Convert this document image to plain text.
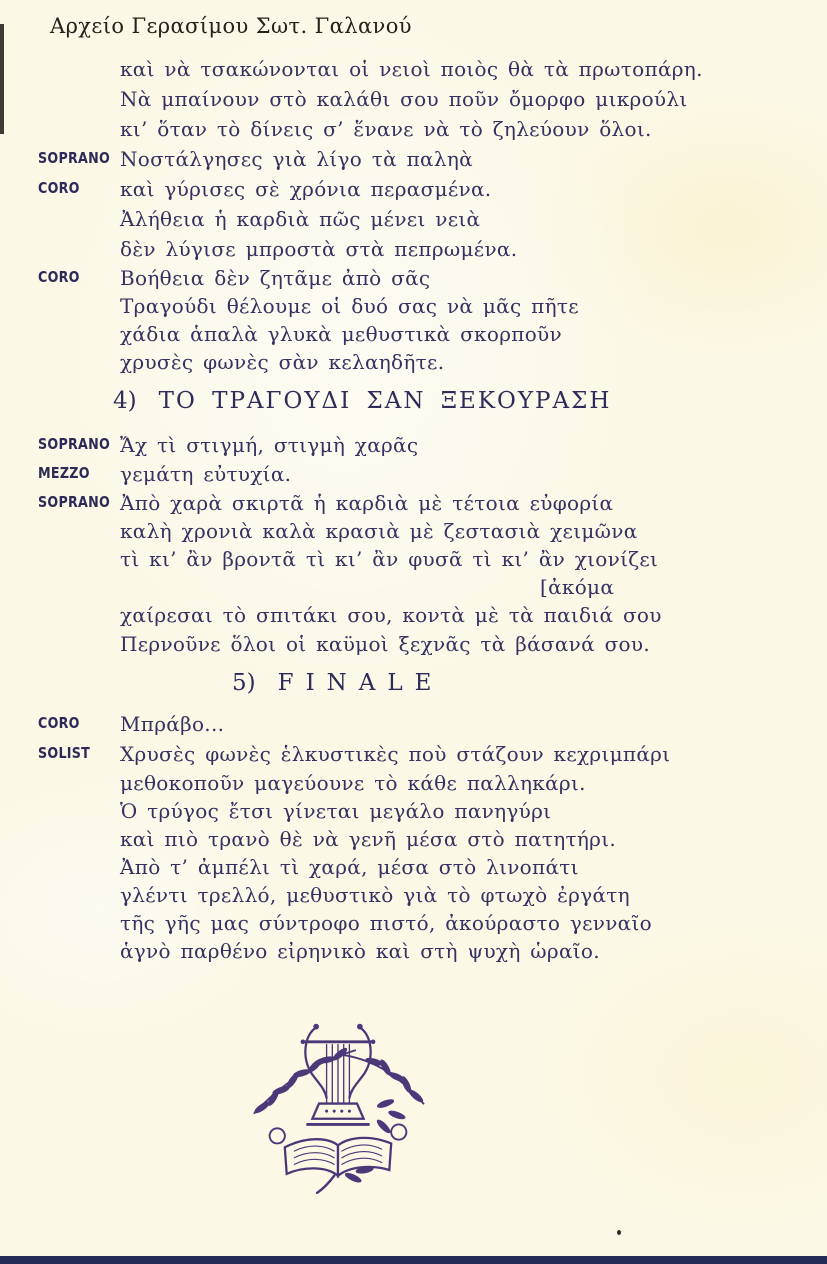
Αρχείο Γερασίμου Σωτ. Γαλανού
καὶ νὰ τσακώνονται οἱ νειοὶ ποιὸς θὰ τὰ πρωτοπάρη.
Νὰ μπαίνουν στὸ καλάθι σου ποῦν ὄμορφο μικρούλι
κι’ ὅταν τὸ δίνεις σ’ ἕνανε νὰ τὸ ζηλεύουν ὅλοι.
SOPRANO Νοστάλγησες γιὰ λίγο τὰ παληὰ
CORO καὶ γύρισες σὲ χρόνια περασμένα.
Ἀλήθεια ἡ καρδιὰ πῶς μένει νειὰ
δὲν λύγισε μπροστὰ στὰ πεπρωμένα.
CORO Βοήθεια δὲν ζητᾶμε ἀπὸ σᾶς
Τραγούδι θέλουμε οἱ δυό σας νὰ μᾶς πῆτε
χάδια ἁπαλὰ γλυκὰ μεθυστικὰ σκορποῦν
χρυσὲς φωνὲς σὰν κελαηδῆτε.
4) ΤΟ ΤΡΑΓΟΥΔΙ ΣΑΝ ΞΕΚΟΥΡΑΣΗ
SOPRANO Ἄχ τὶ στιγμή, στιγμὴ χαρᾶς
MEZZO γεμάτη εὐτυχία.
SOPRANO Ἀπὸ χαρὰ σκιρτᾶ ἡ καρδιὰ μὲ τέτοια εὐφορία
καλὴ χρονιὰ καλὰ κρασιὰ μὲ ζεστασιὰ χειμῶνα
τὶ κι’ ἂν βροντᾶ τὶ κι’ ἂν φυσᾶ τὶ κι’ ἂν χιονίζει
[ἀκόμα
χαίρεσαι τὸ σπιτάκι σου, κοντὰ μὲ τὰ παιδιά σου
Περνοῦνε ὅλοι οἱ καϋμοὶ ξεχνᾶς τὰ βάσανά σου.
5) FINALE
CORO Μπράβο...
SOLIST Χρυσὲς φωνὲς ἑλκυστικὲς ποὺ στάζουν κεχριμπάρι
μεθοκοποῦν μαγεύουνε τὸ κάθε παλληκάρι.
Ὁ τρύγος ἔτσι γίνεται μεγάλο πανηγύρι
καὶ πιὸ τρανὸ θὲ νὰ γενῆ μέσα στὸ πατητήρι.
Ἀπὸ τ’ ἀμπέλι τὶ χαρά, μέσα στὸ λινοπάτι
γλέντι τρελλό, μεθυστικὸ γιὰ τὸ φτωχὸ ἐργάτη
τῆς γῆς μας σύντροφο πιστό, ἀκούραστο γενναῖο
ἁγνὸ παρθένο εἰρηνικὸ καὶ στὴ ψυχὴ ὡραῖο.
